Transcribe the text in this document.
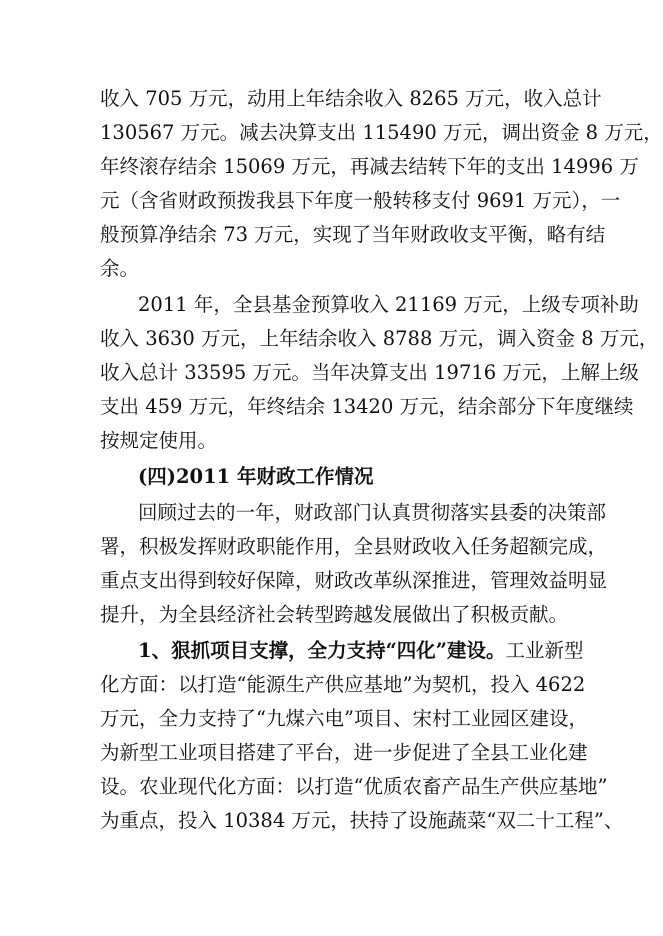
收入 705 万元，动用上年结余收入 8265 万元，收入总计
130567 万元。减去决算支出 115490 万元，调出资金 8 万元，
年终滚存结余 15069 万元，再减去结转下年的支出 14996 万
元（含省财政预拨我县下年度一般转移支付 9691 万元），一
般预算净结余 73 万元，实现了当年财政收支平衡，略有结
余。
2011 年，全县基金预算收入 21169 万元，上级专项补助
收入 3630 万元，上年结余收入 8788 万元，调入资金 8 万元，
收入总计 33595 万元。当年决算支出 19716 万元，上解上级
支出 459 万元，年终结余 13420 万元，结余部分下年度继续
按规定使用。
(四)2011 年财政工作情况
回顾过去的一年，财政部门认真贯彻落实县委的决策部
署，积极发挥财政职能作用，全县财政收入任务超额完成，
重点支出得到较好保障，财政改革纵深推进，管理效益明显
提升，为全县经济社会转型跨越发展做出了积极贡献。
1、狠抓项目支撑，全力支持“四化”建设。工业新型
化方面：以打造“能源生产供应基地”为契机，投入 4622
万元，全力支持了“九煤六电”项目、宋村工业园区建设，
为新型工业项目搭建了平台，进一步促进了全县工业化建
设。农业现代化方面：以打造“优质农畜产品生产供应基地”
为重点，投入 10384 万元，扶持了设施蔬菜“双二十工程”、
